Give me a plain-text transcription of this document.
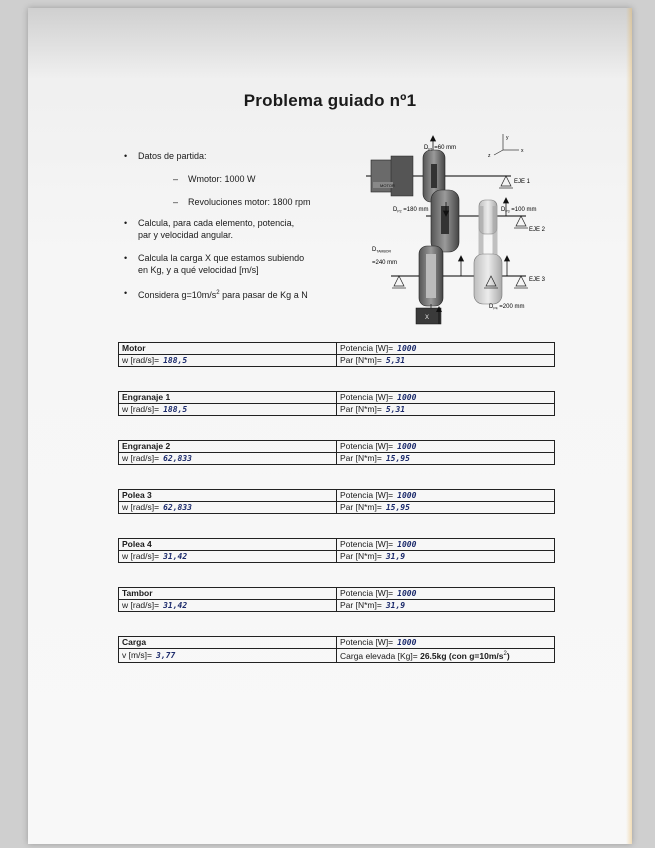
Problema guiado nº1
• Datos de partida:
– Wmotor: 1000 W
– Revoluciones motor: 1800 rpm
• Calcula, para cada elemento, potencia,
par y velocidad angular.
• Calcula la carga X que estamos subiendo
en Kg, y a qué velocidad [m/s]
• Considera $g=10m/s^2$ para pasar de Kg a N
y
x
z
MOTOR
X
$D_{P1} =60$ mm
$D_{P2} =180$ mm	$D_{P3} =100$ mm
$D_{P4} =200$ mm
$D_{TAMBOR}$
=240 mm
EJE 1
EJE 2
EJE 3
Motor	Potencia [W]= 1000
w [rad/s]= 188,5	Par [N*m]= 5,31
Engranaje 1	Potencia [W]= 1000
w [rad/s]= 188,5	Par [N*m]= 5,31
Engranaje 2	Potencia [W]= 1000
w [rad/s]= 62,833	Par [N*m]= 15,95
Polea 3	Potencia [W]= 1000
w [rad/s]= 62,833	Par [N*m]= 15,95
Polea 4	Potencia [W]= 1000
w [rad/s]= 31,42	Par [N*m]= 31,9
Tambor	Potencia [W]= 1000
w [rad/s]= 31,42	Par [N*m]= 31,9
Carga	Potencia [W]= 1000
v [m/s]= 3,77	Carga elevada [Kg]= 26.5kg (con $g=10m/s^2$)
